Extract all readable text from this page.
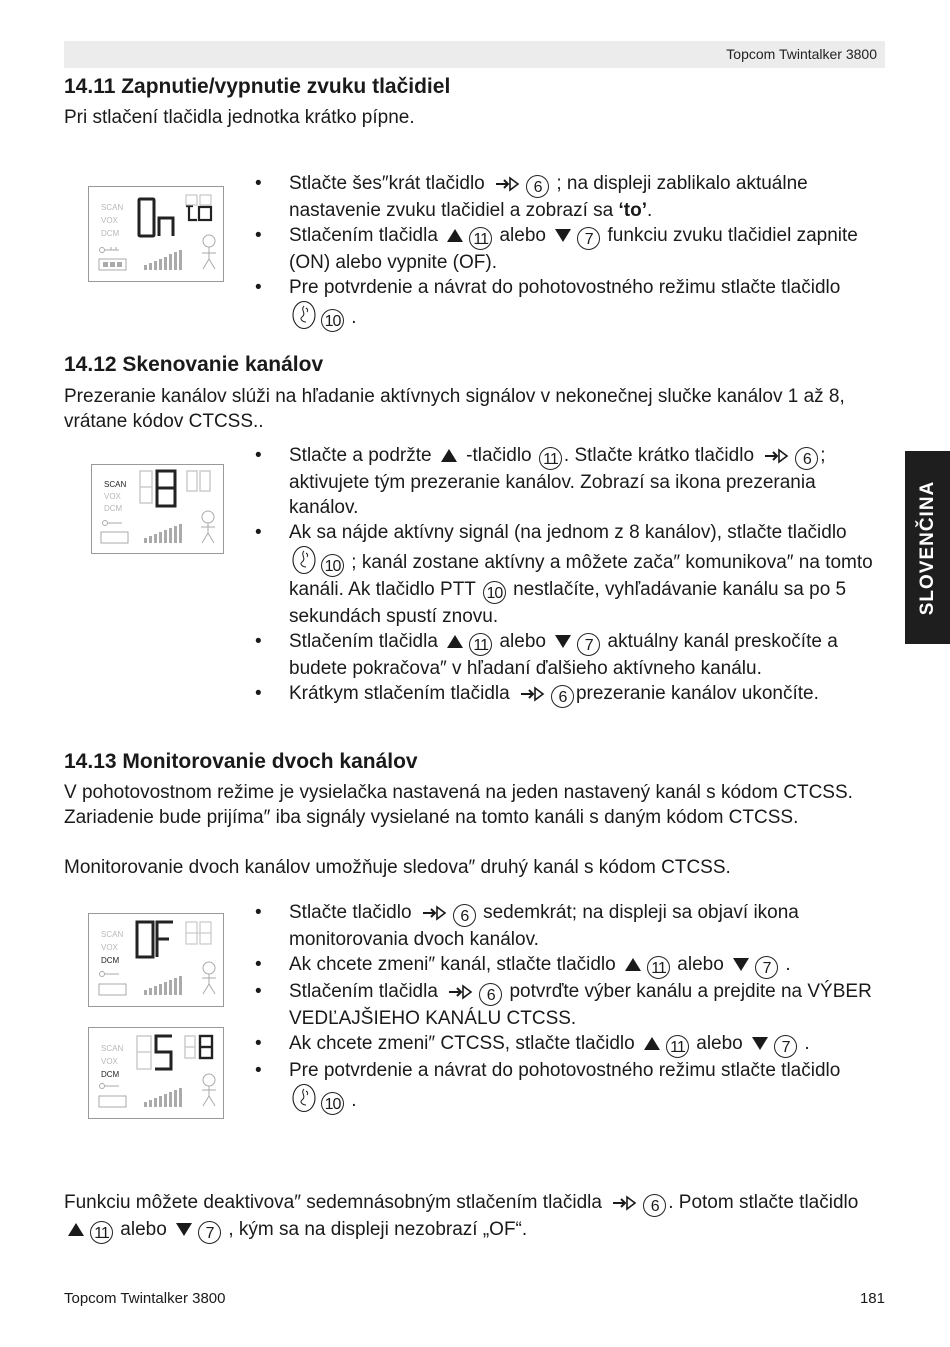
Topcom Twintalker 3800
SLOVENČINA
14.11 Zapnutie/vypnutie zvuku tlačidiel

Pri stlačení tlačidla jednotka krátko pípne.

SCAN
VOX
DCM
• Stlačte šes″krát tlačidlo	6 ; na displeji zablikalo aktuálne nastavenie zvuku tlačidiel a zobrazí sa ‘to’.
• Stlačením tlačidla 11 alebo 7 funkciu zvuku tlačidiel zapnite (ON) alebo vypnite (OF).
• Pre potvrdenie a návrat do pohotovostného režimu stlačte tlačidlo 10 .
14.12 Skenovanie kanálov

Prezeranie kanálov slúži na hľadanie aktívnych signálov v nekonečnej slučke kanálov 1 až 8, vrátane kódov CTCSS..

SCAN
VOX
DCM
• Stlačte a podržte -tlačidlo 11 . Stlačte krátko tlačidlo	6 ; aktivujete tým prezeranie kanálov. Zobrazí sa ikona prezerania kanálov.
• Ak sa nájde aktívny signál (na jednom z 8 kanálov), stlačte tlačidlo 10 ; kanál zostane aktívny a môžete zača″ komunikova″ na tomto kanáli. Ak tlačidlo PTT 10 nestlačíte, vyhľadávanie kanálu sa po 5 sekundách spustí znovu.
• Stlačením tlačidla 11 alebo 7 aktuálny kanál preskočíte a budete pokračova″ v hľadaní ďalšieho aktívneho kanálu.
• Krátkym stlačením tlačidla	6 prezeranie kanálov ukončíte.
14.13 Monitorovanie dvoch kanálov

V pohotovostnom režime je vysielačka nastavená na jeden nastavený kanál s kódom CTCSS. Zariadenie bude prijíma″ iba signály vysielané na tomto kanáli s daným kódom CTCSS.

Monitorovanie dvoch kanálov umožňuje sledova″ druhý kanál s kódom CTCSS.

SCAN
VOX
DCM
SCAN
VOX
DCM
• Stlačte tlačidlo	6 sedemkrát; na displeji sa objaví ikona monitorovania dvoch kanálov.
• Ak chcete zmeni″ kanál, stlačte tlačidlo 11 alebo 7 .
• Stlačením tlačidla	6 potvrďte výber kanálu a prejdite na VÝBER VEDĽAJŠIEHO KANÁLU CTCSS.
• Ak chcete zmeni″ CTCSS, stlačte tlačidlo 11 alebo 7 .
• Pre potvrdenie a návrat do pohotovostného režimu stlačte tlačidlo 10 .

Funkciu môžete deaktivova″ sedemnásobným stlačením tlačidla	6 . Potom stlačte tlačidlo 11 alebo 7 , kým sa na displeji nezobrazí „OF“.

Topcom Twintalker 3800	181
